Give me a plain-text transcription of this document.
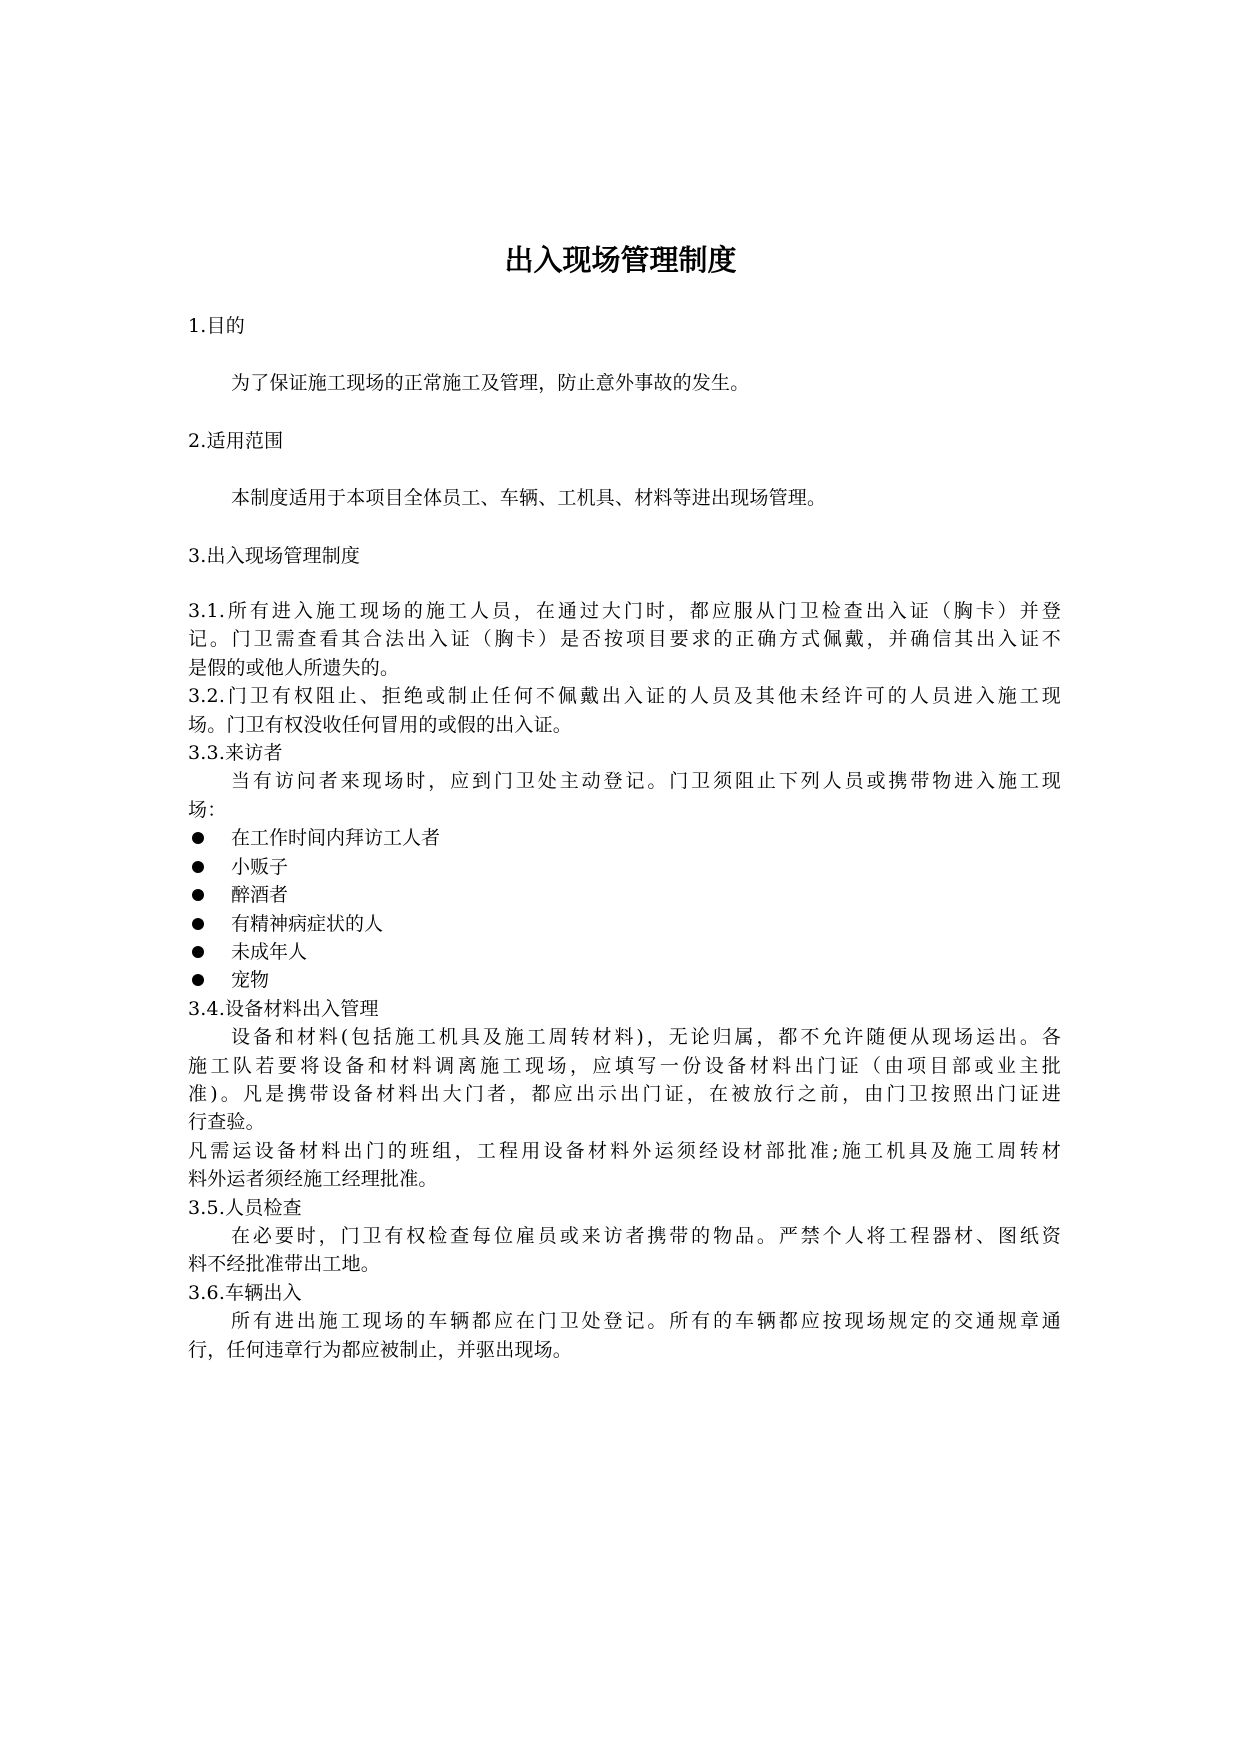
出入现场管理制度

1.目的

为了保证施工现场的正常施工及管理，防止意外事故的发生。

2.适用范围

本制度适用于本项目全体员工、车辆、工机具、材料等进出现场管理。

3.出入现场管理制度

3.1.所有进入施工现场的施工人员，在通过大门时，都应服从门卫检查出入证（胸卡）并登

记。门卫需查看其合法出入证（胸卡）是否按项目要求的正确方式佩戴，并确信其出入证不

是假的或他人所遗失的。

3.2.门卫有权阻止、拒绝或制止任何不佩戴出入证的人员及其他未经许可的人员进入施工现

场。门卫有权没收任何冒用的或假的出入证。

3.3.来访者

当有访问者来现场时，应到门卫处主动登记。门卫须阻止下列人员或携带物进入施工现

场：

在工作时间内拜访工人者

小贩子

醉酒者

有精神病症状的人

未成年人

宠物

3.4.设备材料出入管理

设备和材料(包括施工机具及施工周转材料)，无论归属，都不允许随便从现场运出。各

施工队若要将设备和材料调离施工现场，应填写一份设备材料出门证（由项目部或业主批

准)。凡是携带设备材料出大门者，都应出示出门证，在被放行之前，由门卫按照出门证进

行查验。

凡需运设备材料出门的班组，工程用设备材料外运须经设材部批准;施工机具及施工周转材

料外运者须经施工经理批准。

3.5.人员检查

在必要时，门卫有权检查每位雇员或来访者携带的物品。严禁个人将工程器材、图纸资

料不经批准带出工地。

3.6.车辆出入

所有进出施工现场的车辆都应在门卫处登记。所有的车辆都应按现场规定的交通规章通

行，任何违章行为都应被制止，并驱出现场。
